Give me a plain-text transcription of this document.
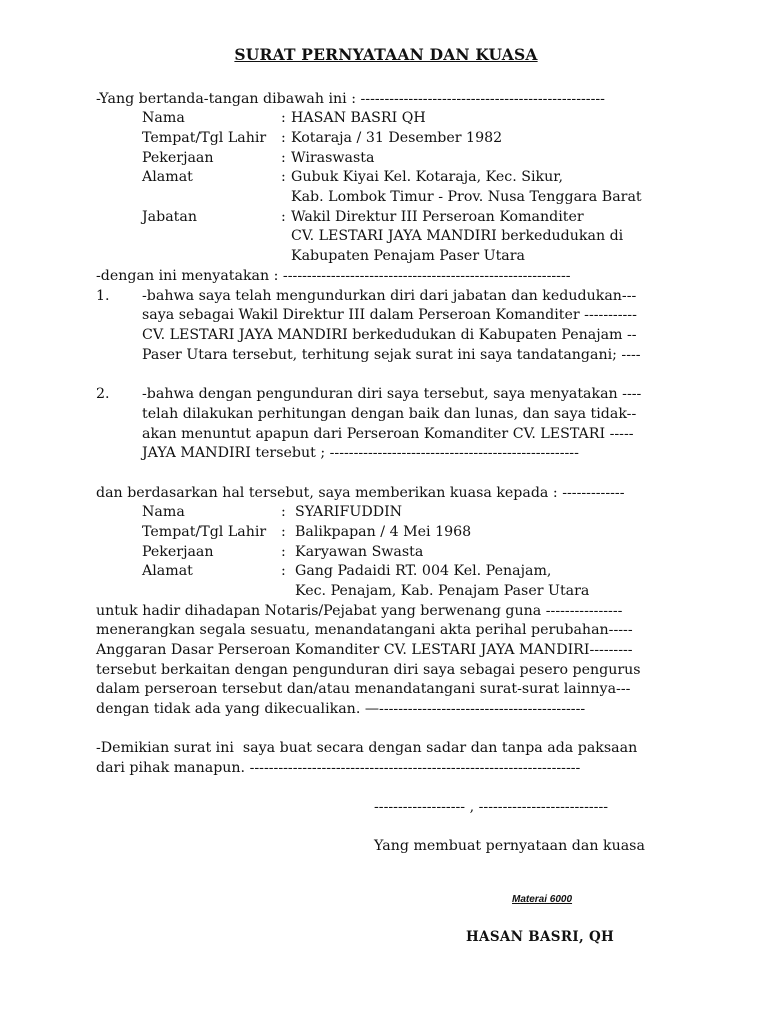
SURAT PERNYATAAN DAN KUASA
-Yang bertanda-tangan dibawah ini : ---------------------------------------------------
Nama	: HASAN BASRI QH
Tempat/Tgl Lahir : Kotaraja / 31 Desember 1982
Pekerjaan	: Wiraswasta
Alamat	: Gubuk Kiyai Kel. Kotaraja, Kec. Sikur,
Kab. Lombok Timur - Prov. Nusa Tenggara Barat
Jabatan	: Wakil Direktur III Perseroan Komanditer
CV. LESTARI JAYA MANDIRI berkedudukan di
Kabupaten Penajam Paser Utara
-dengan ini menyatakan : ------------------------------------------------------------
1. -bahwa saya telah mengundurkan diri dari jabatan dan kedudukan---
saya sebagai Wakil Direktur III dalam Perseroan Komanditer -----------
CV. LESTARI JAYA MANDIRI berkedudukan di Kabupaten Penajam --
Paser Utara tersebut, terhitung sejak surat ini saya tandatangani; ----
2. -bahwa dengan pengunduran diri saya tersebut, saya menyatakan ----
telah dilakukan perhitungan dengan baik dan lunas, dan saya tidak--
akan menuntut apapun dari Perseroan Komanditer CV. LESTARI -----
JAYA MANDIRI tersebut ; ----------------------------------------------------
dan berdasarkan hal tersebut, saya memberikan kuasa kepada : -------------
Nama	: SYARIFUDDIN
Tempat/Tgl Lahir : Balikpapan / 4 Mei 1968
Pekerjaan	: Karyawan Swasta
Alamat	: Gang Padaidi RT. 004 Kel. Penajam,
Kec. Penajam, Kab. Penajam Paser Utara
untuk hadir dihadapan Notaris/Pejabat yang berwenang guna ----------------
menerangkan segala sesuatu, menandatangani akta perihal perubahan-----
Anggaran Dasar Perseroan Komanditer CV. LESTARI JAYA MANDIRI---------
tersebut berkaitan dengan pengunduran diri saya sebagai pesero pengurus
dalam perseroan tersebut dan/atau menandatangani surat-surat lainnya---
dengan tidak ada yang dikecualikan. —-------------------------------------------
-Demikian surat ini  saya buat secara dengan sadar dan tanpa ada paksaan
dari pihak manapun. ---------------------------------------------------------------------
------------------- , ---------------------------
Yang membuat pernyataan dan kuasa
Materai 6000
HASAN BASRI, QH
